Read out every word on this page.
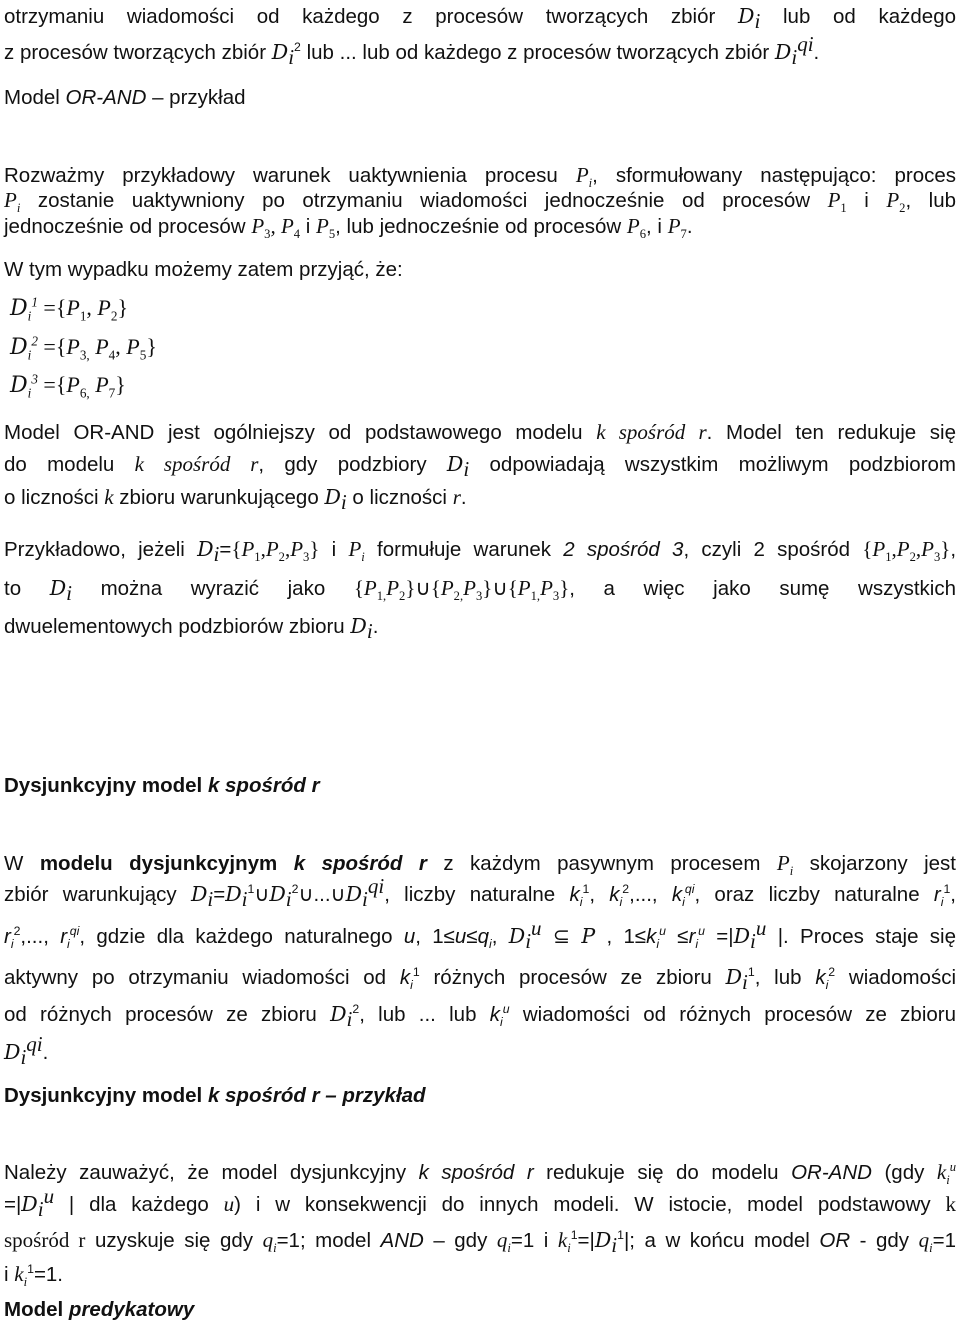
otrzymaniu wiadomości od każdego z procesów tworzących zbiór $D_i$ lub od każdego
z procesów tworzących zbiór $D_i^2$ lub ... lub od każdego z procesów tworzących zbiór $D_i^{qi}$.
Model OR-AND – przykład
Rozważmy przykładowy warunek uaktywnienia procesu $P_i$, sformułowany następująco: proces
$P_i$ zostanie uaktywniony po otrzymaniu wiadomości jednocześnie od procesów $P_1$ i $P_2$, lub
jednocześnie od procesów $P_3$, $P_4$ i $P_5$, lub jednocześnie od procesów $P_6$, i $P_7$.
W tym wypadku możemy zatem przyjąć, że:
$D_i^1 =\{P_1$, $P_2$}
$D_i^2 =\{P_{3,}$ $P_4$, $P_5$}
$D_i^3 =\{P_{6,}$ $P_7$}
Model OR-AND jest ogólniejszy od podstawowego modelu k spośród r. Model ten redukuje się
do modelu k spośród r, gdy podzbiory $D_i$ odpowiadają wszystkim możliwym podzbiorom
o liczności k zbioru warunkującego $D_i$ o liczności r.
Przykładowo, jeżeli $D_i=\{P_1,P_2,P_3\}$ i $P_i$ formułuje warunek 2 spośród 3, czyli 2 spośród $\{P_1,P_2,P_3\}$,
to $D_i$ można wyrazić jako $\{P_{1,}P_2\}\cup\{P_{2,}P_3\}\cup\{P_{1,}P_3\}$, a więc jako sumę wszystkich
dwuelementowych podzbiorów zbioru $D_i$.
Dysjunkcyjny model k spośród r
W modelu dysjunkcyjnym k spośród r z każdym pasywnym procesem $P_i$ skojarzony jest
zbiór warunkujący $D_i=D_i^1\cup D_i^2\cup...\cup D_i^{qi}$, liczby naturalne $k_i^1$, $k_i^2$,..., $k_i^{qi}$, oraz liczby naturalne $r_i^1$,
$r_i^2$,..., $r_i^{qi}$, gdzie dla każdego naturalnego u, $1\le u\le q_i$, $D_i^u$ ⊆ P , $1\le k_i^u \le r_i^u =|D_i^u$ |. Proces staje się
aktywny po otrzymaniu wiadomości od $k_i^1$ różnych procesów ze zbioru $D_i^1$, lub $k_i^2$ wiadomości
od różnych procesów ze zbioru $D_i^2$, lub ... lub $k_i^u$ wiadomości od różnych procesów ze zbioru
$D_i^{qi}$.
Dysjunkcyjny model k spośród r – przykład
Należy zauważyć, że model dysjunkcyjny k spośród r redukuje się do modelu OR-AND (gdy $k_i^u$
$=|D_i^u$ | dla każdego u) i w konsekwencji do innych modeli. W istocie, model podstawowy k
spośród r uzyskuje się gdy $q_i=1$; model AND – gdy $q_i=1$ i $k_i^1=|D_i^1|$; a w końcu model OR - gdy $q_i=1$
i $k_i^1=1$.
Model predykatowy
